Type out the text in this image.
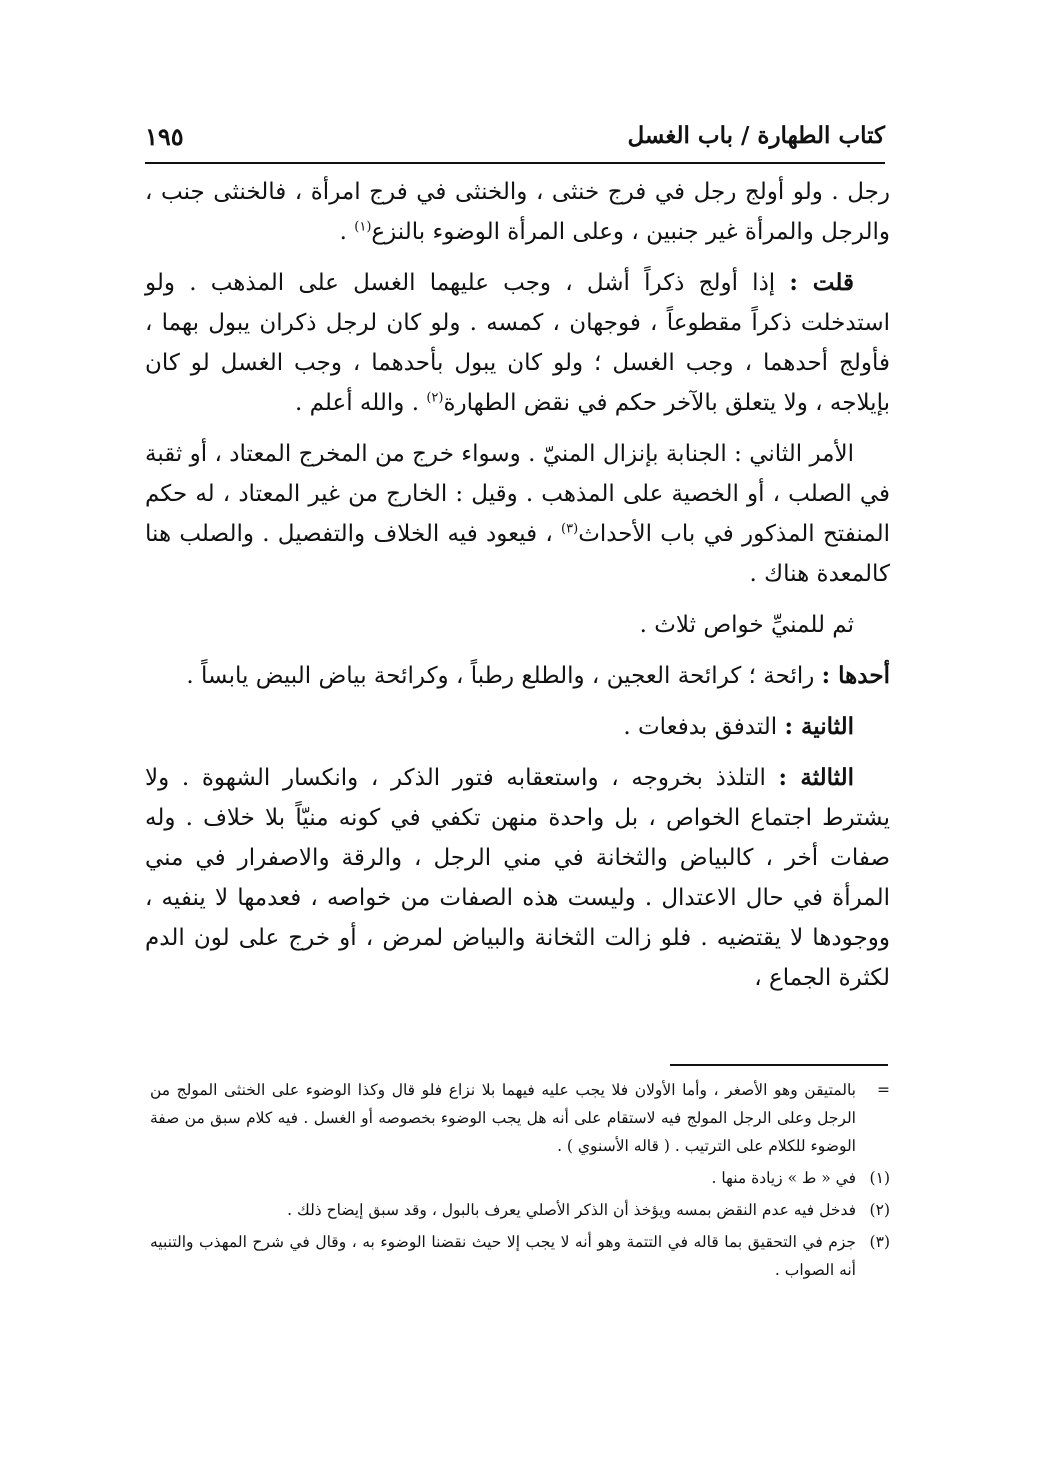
كتاب الطهارة / باب الغسل
١٩٥

رجل . ولو أولج رجل في فرج خنثى ، والخنثى في فرج امرأة ، فالخنثى جنب ، والرجل والمرأة غير جنبين ، وعلى المرأة الوضوء بالنزع$^{(١)}$ .

قلت : إذا أولج ذكراً أشل ، وجب عليهما الغسل على المذهب . ولو استدخلت ذكراً مقطوعاً ، فوجهان ، كمسه . ولو كان لرجل ذكران يبول بهما ، فأولج أحدهما ، وجب الغسل ؛ ولو كان يبول بأحدهما ، وجب الغسل لو كان بإيلاجه ، ولا يتعلق بالآخر حكم في نقض الطهارة$^{(٢)}$ . والله أعلم .

الأمر الثاني : الجنابة بإنزال المنيّ . وسواء خرج من المخرج المعتاد ، أو ثقبة في الصلب ، أو الخصية على المذهب . وقيل : الخارج من غير المعتاد ، له حكم المنفتح المذكور في باب الأحداث$^{(٣)}$ ، فيعود فيه الخلاف والتفصيل . والصلب هنا كالمعدة هناك .

ثم للمنيِّ خواص ثلاث .

أحدها : رائحة ؛ كرائحة العجين ، والطلع رطباً ، وكرائحة بياض البيض يابساً .

الثانية : التدفق بدفعات .

الثالثة : التلذذ بخروجه ، واستعقابه فتور الذكر ، وانكسار الشهوة . ولا يشترط اجتماع الخواص ، بل واحدة منهن تكفي في كونه منيّاً بلا خلاف . وله صفات أخر ، كالبياض والثخانة في مني الرجل ، والرقة والاصفرار في مني المرأة في حال الاعتدال . وليست هذه الصفات من خواصه ، فعدمها لا ينفيه ، ووجودها لا يقتضيه . فلو زالت الثخانة والبياض لمرض ، أو خرج على لون الدم لكثرة الجماع ،

=
بالمتيقن وهو الأصغر ، وأما الأولان فلا يجب عليه فيهما بلا نزاع فلو قال وكذا الوضوء على الخنثى المولج من الرجل وعلى الرجل المولج فيه لاستقام على أنه هل يجب الوضوء بخصوصه أو الغسل . فيه كلام سبق من صفة الوضوء للكلام على الترتيب . ( قاله الأسنوي ) .

(١)
في « ط » زيادة منها .

(٢)
فدخل فيه عدم النقض بمسه ويؤخذ أن الذكر الأصلي يعرف بالبول ، وقد سبق إيضاح ذلك .

(٣)
جزم في التحقيق بما قاله في التتمة وهو أنه لا يجب إلا حيث نقضنا الوضوء به ، وقال في شرح المهذب والتنبيه أنه الصواب .
